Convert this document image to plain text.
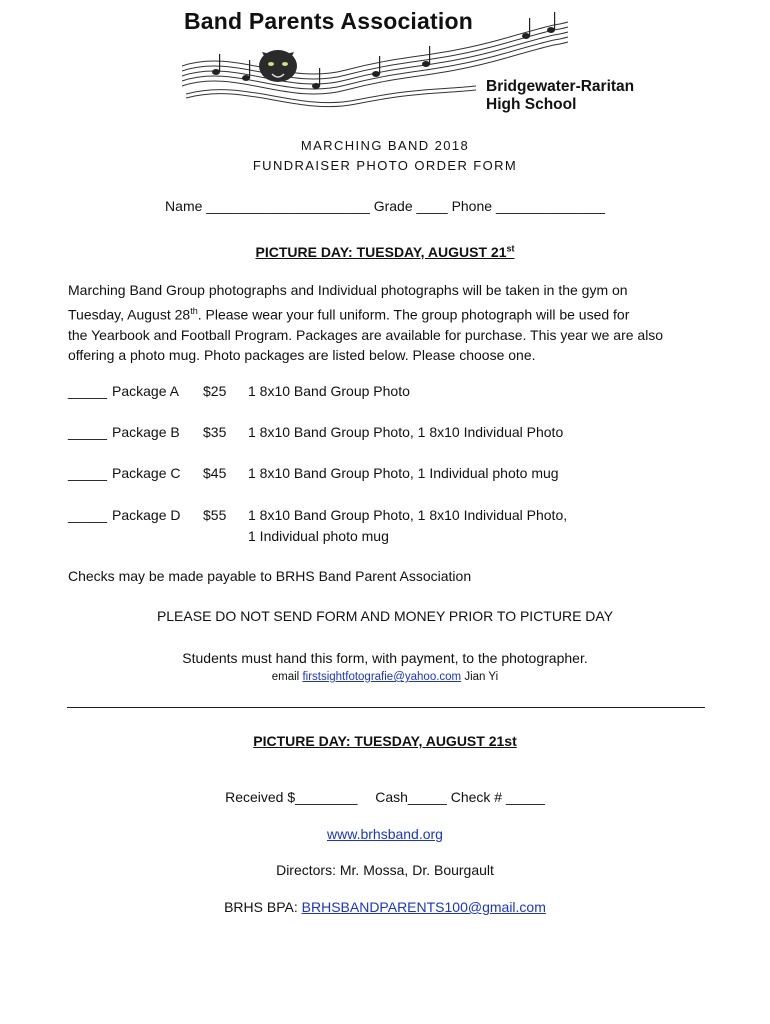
Band Parents Association
Bridgewater-Raritan
High School
MARCHING BAND 2018
FUNDRAISER PHOTO ORDER FORM
Name _____________________ Grade ____ Phone ______________
PICTURE DAY: TUESDAY, AUGUST 21st
Marching Band Group photographs and Individual photographs will be taken in the gym on
Tuesday, August 28th. Please wear your full uniform. The group photograph will be used for
the Yearbook and Football Program. Packages are available for purchase. This year we are also
offering a photo mug. Photo packages are listed below. Please choose one.
_____ Package A $25 1 8x10 Band Group Photo
_____ Package B $35 1 8x10 Band Group Photo, 1 8x10 Individual Photo
_____ Package C $45 1 8x10 Band Group Photo, 1 Individual photo mug
_____ Package D $55 1 8x10 Band Group Photo, 1 8x10 Individual Photo,
1 Individual photo mug
Checks may be made payable to BRHS Band Parent Association
PLEASE DO NOT SEND FORM AND MONEY PRIOR TO PICTURE DAY
Students must hand this form, with payment, to the photographer.
email firstsightfotografie@yahoo.com Jian Yi
PICTURE DAY: TUESDAY, AUGUST 21st
Received $________ Cash_____ Check # _____
www.brhsband.org
Directors: Mr. Mossa, Dr. Bourgault
BRHS BPA: BRHSBANDPARENTS100@gmail.com
